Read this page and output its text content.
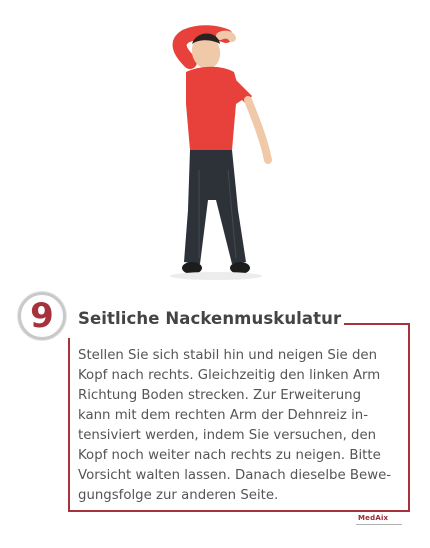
9	Seitliche Nackenmuskulatur
Stellen Sie sich stabil hin und neigen Sie den
Kopf nach rechts. Gleichzeitig den linken Arm
Richtung Boden strecken. Zur Erweiterung
kann mit dem rechten Arm der Dehnreiz in-
tensiviert werden, indem Sie versuchen, den
Kopf noch weiter nach rechts zu neigen. Bitte
Vorsicht walten lassen. Danach dieselbe Bewe-
gungsfolge zur anderen Seite.
MedAix
